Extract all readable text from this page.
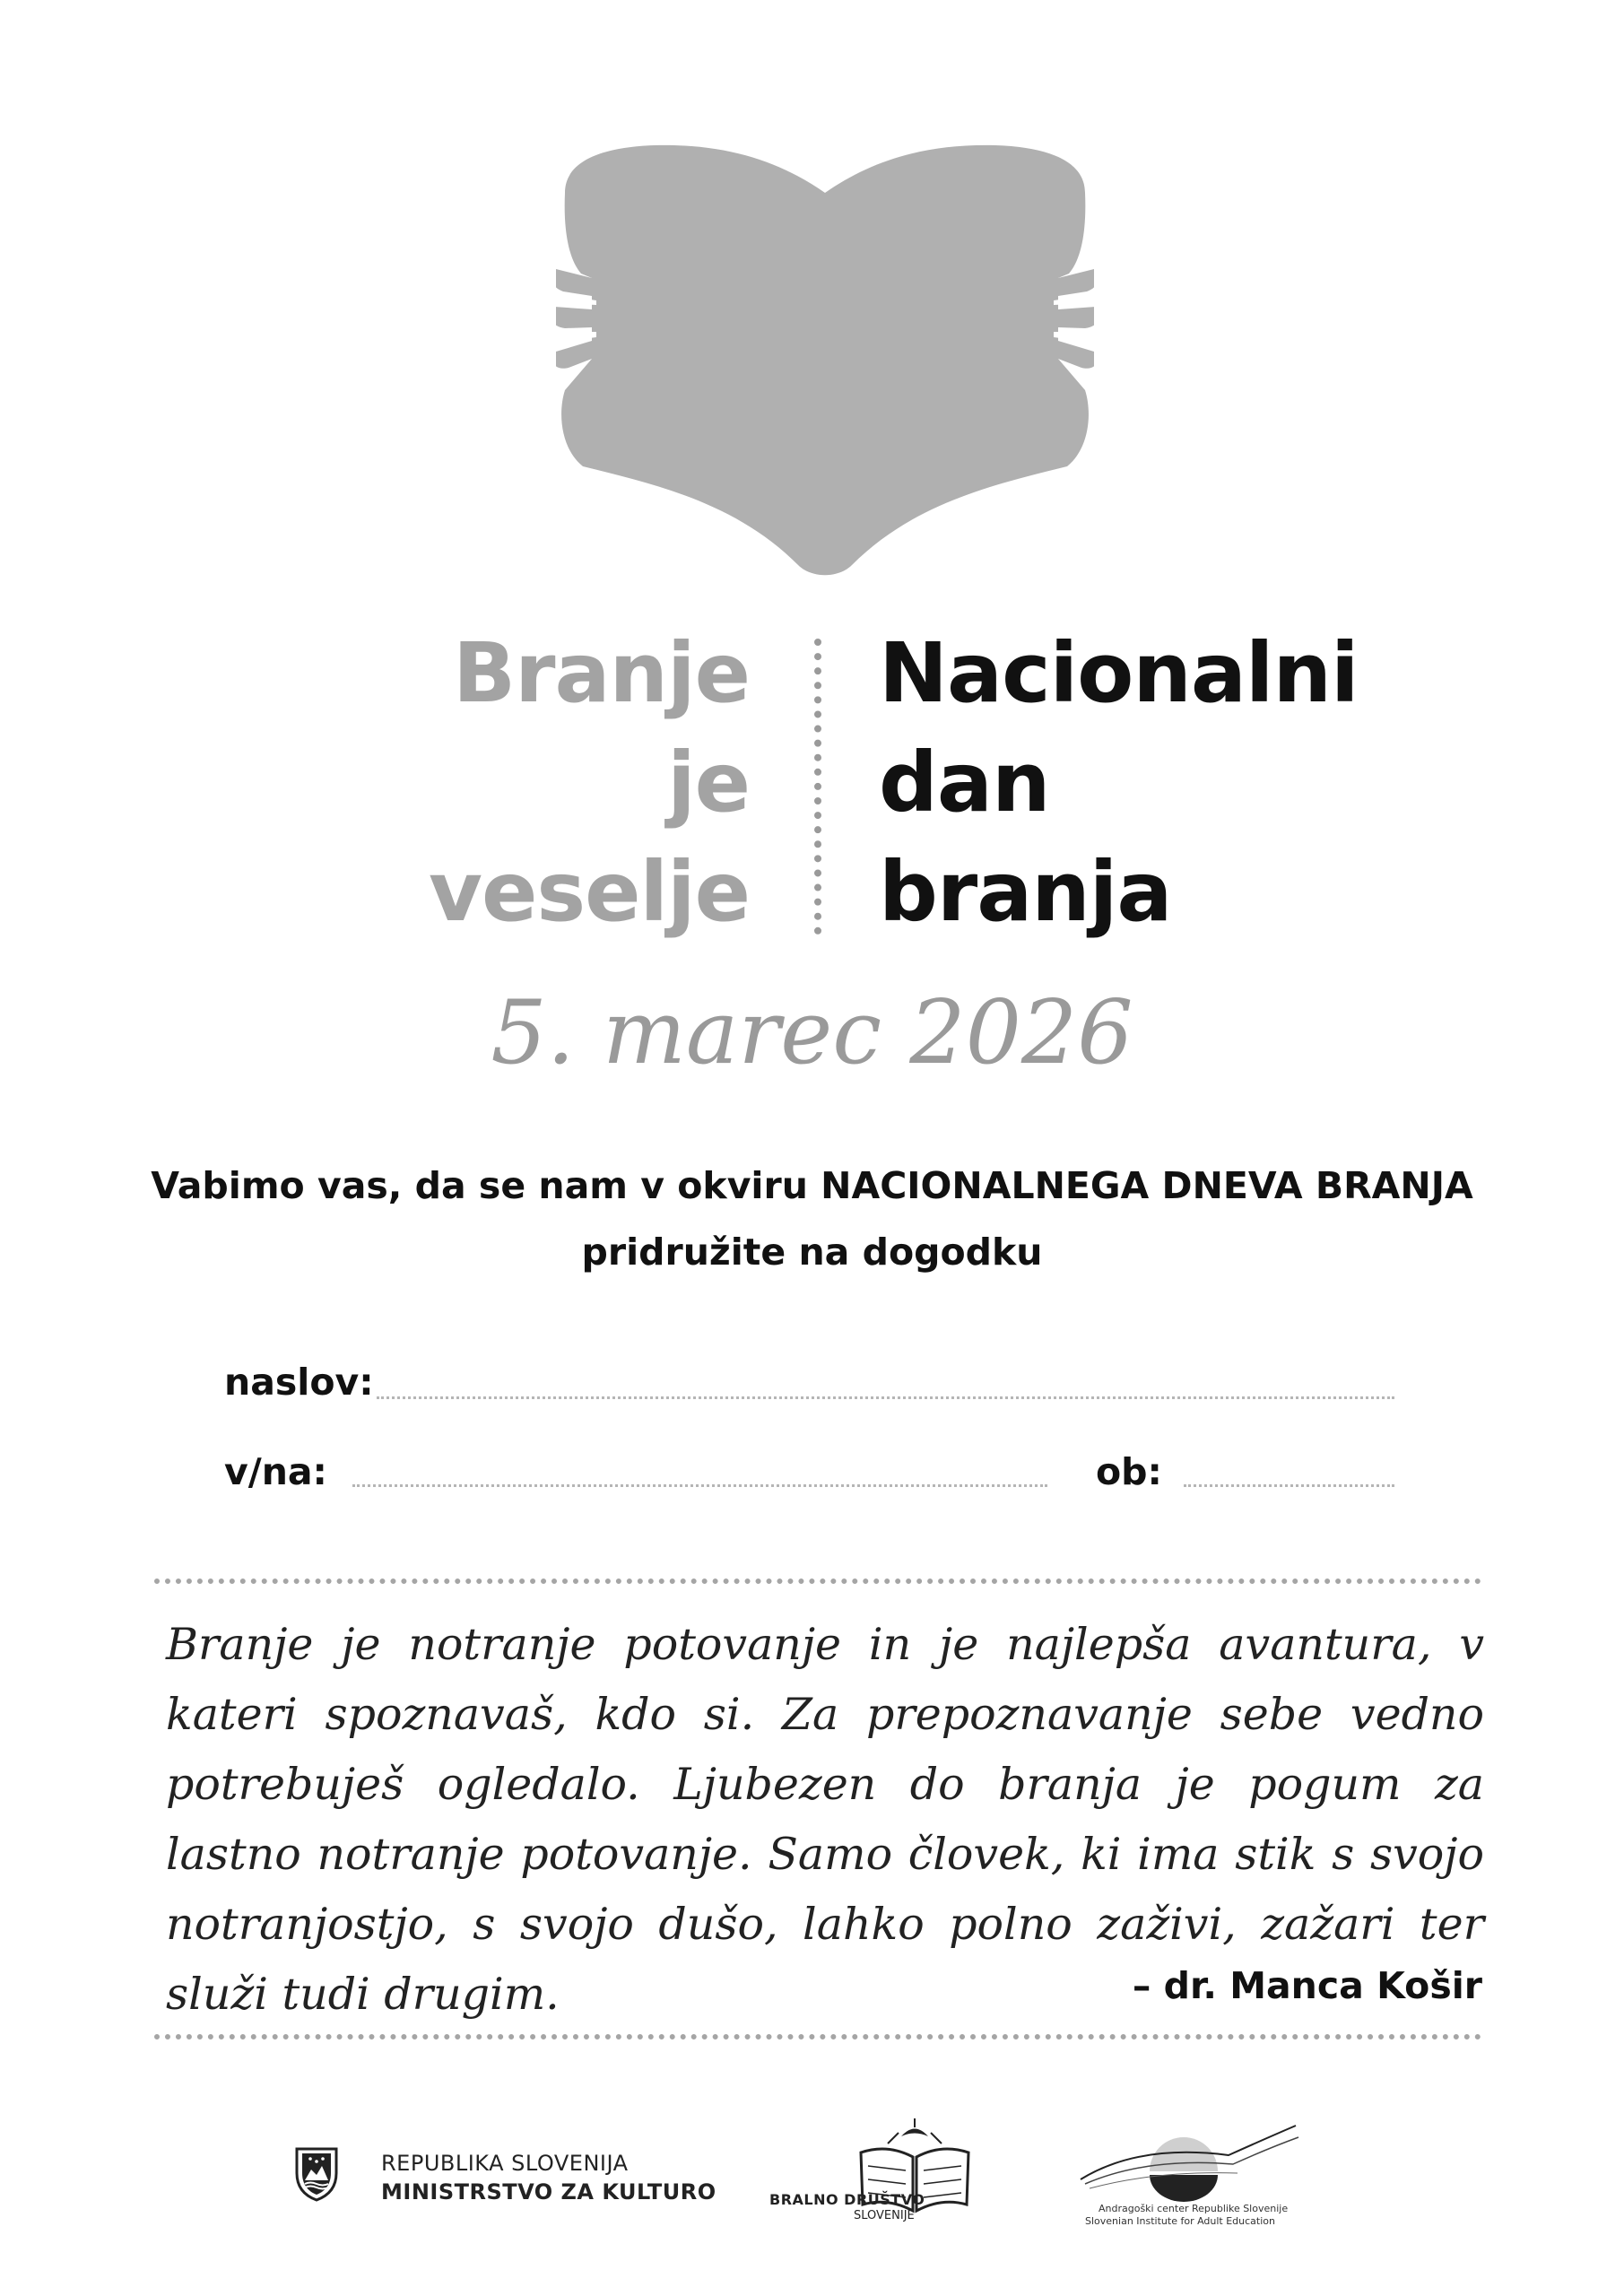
Branje
je
veselje
Nacionalni
dan
branja
5. marec 2026
Vabimo vas, da se nam v okviru NACIONALNEGA DNEVA BRANJA
pridružite na dogodku
naslov:
v/na:	ob:
Branje je notranje potovanje in je najlepša avantura, v kateri spoznavaš, kdo si. Za prepoznavanje sebe vedno potrebuješ ogledalo. Ljubezen do branja je pogum za lastno notranje potovanje. Samo človek, ki ima stik s svojo notranjostjo, s svojo dušo, lahko polno zaživi, zažari ter služi tudi drugim.	– dr. Manca Košir
REPUBLIKA SLOVENIJA
MINISTRSTVO ZA KULTURO	BRALNO DRUŠTVO
SLOVENIJE
Andragoški center Republike Slovenije
Slovenian Institute for Adult Education
